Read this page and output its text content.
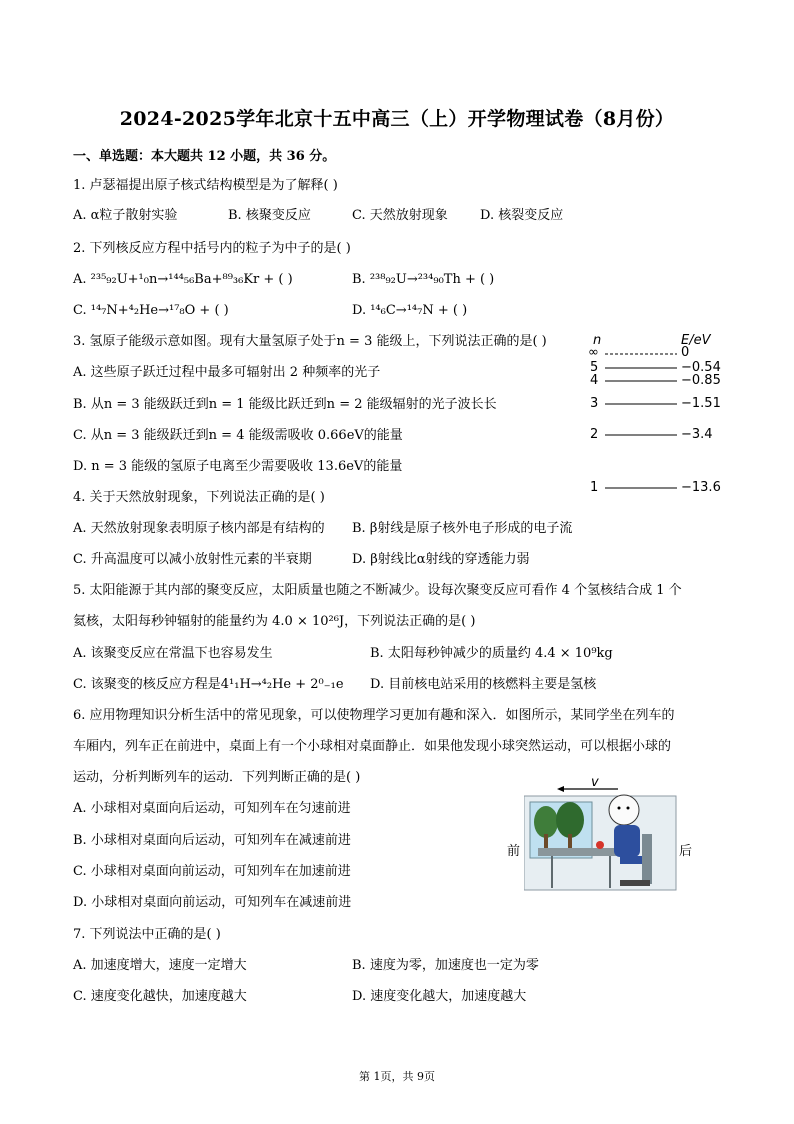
2024-2025学年北京十五中高三（上）开学物理试卷（8月份）
一、单选题：本大题共 12 小题，共 36 分。
1. 卢瑟福提出原子核式结构模型是为了解释( )
A. α粒子散射实验	B. 核聚变反应	C. 天然放射现象 D. 核裂变反应
2. 下列核反应方程中括号内的粒子为中子的是( )
A. ²³⁵₉₂U+¹₀n→¹⁴⁴₅₆Ba+⁸⁹₃₆Kr + ( )	B. ²³⁸₉₂U→²³⁴₉₀Th + ( )
C. ¹⁴₇N+⁴₂He→¹⁷₈O + ( )	D. ¹⁴₆C→¹⁴₇N + ( )
3. 氢原子能级示意如图。现有大量氢原子处于n = 3 能级上，下列说法正确的是( )
A. 这些原子跃迁过程中最多可辐射出 2 种频率的光子
B. 从n = 3 能级跃迁到n = 1 能级比跃迁到n = 2 能级辐射的光子波长长
C. 从n = 3 能级跃迁到n = 4 能级需吸收 0.66eV的能量
D. n = 3 能级的氢原子电离至少需要吸收 13.6eV的能量
n	E/eV
∞	0
5	−0.54
4	−0.85
3	−1.51
2	−3.4
1	−13.6
4. 关于天然放射现象，下列说法正确的是( )
A. 天然放射现象表明原子核内部是有结构的 B. β射线是原子核外电子形成的电子流
C. 升高温度可以减小放射性元素的半衰期	D. β射线比α射线的穿透能力弱
5. 太阳能源于其内部的聚变反应，太阳质量也随之不断减少。设每次聚变反应可看作 4 个氢核结合成 1 个
氦核，太阳每秒钟辐射的能量约为 4.0 × 10²⁶J，下列说法正确的是( )
A. 该聚变反应在常温下也容易发生	B. 太阳每秒钟减少的质量约 4.4 × 10⁹kg
C. 该聚变的核反应方程是4¹₁H→⁴₂He + 2⁰₋₁e D. 目前核电站采用的核燃料主要是氢核
6. 应用物理知识分析生活中的常见现象，可以使物理学习更加有趣和深入．如图所示，某同学坐在列车的
车厢内，列车正在前进中，桌面上有一个小球相对桌面静止．如果他发现小球突然运动，可以根据小球的
运动，分析判断列车的运动．下列判断正确的是( )
A. 小球相对桌面向后运动，可知列车在匀速前进
B. 小球相对桌面向后运动，可知列车在减速前进
C. 小球相对桌面向前运动，可知列车在加速前进
D. 小球相对桌面向前运动，可知列车在减速前进
前	后
v
7. 下列说法中正确的是( )
A. 加速度增大，速度一定增大	B. 速度为零，加速度也一定为零
C. 速度变化越快，加速度越大	D. 速度变化越大，加速度越大
第 1页，共 9页
